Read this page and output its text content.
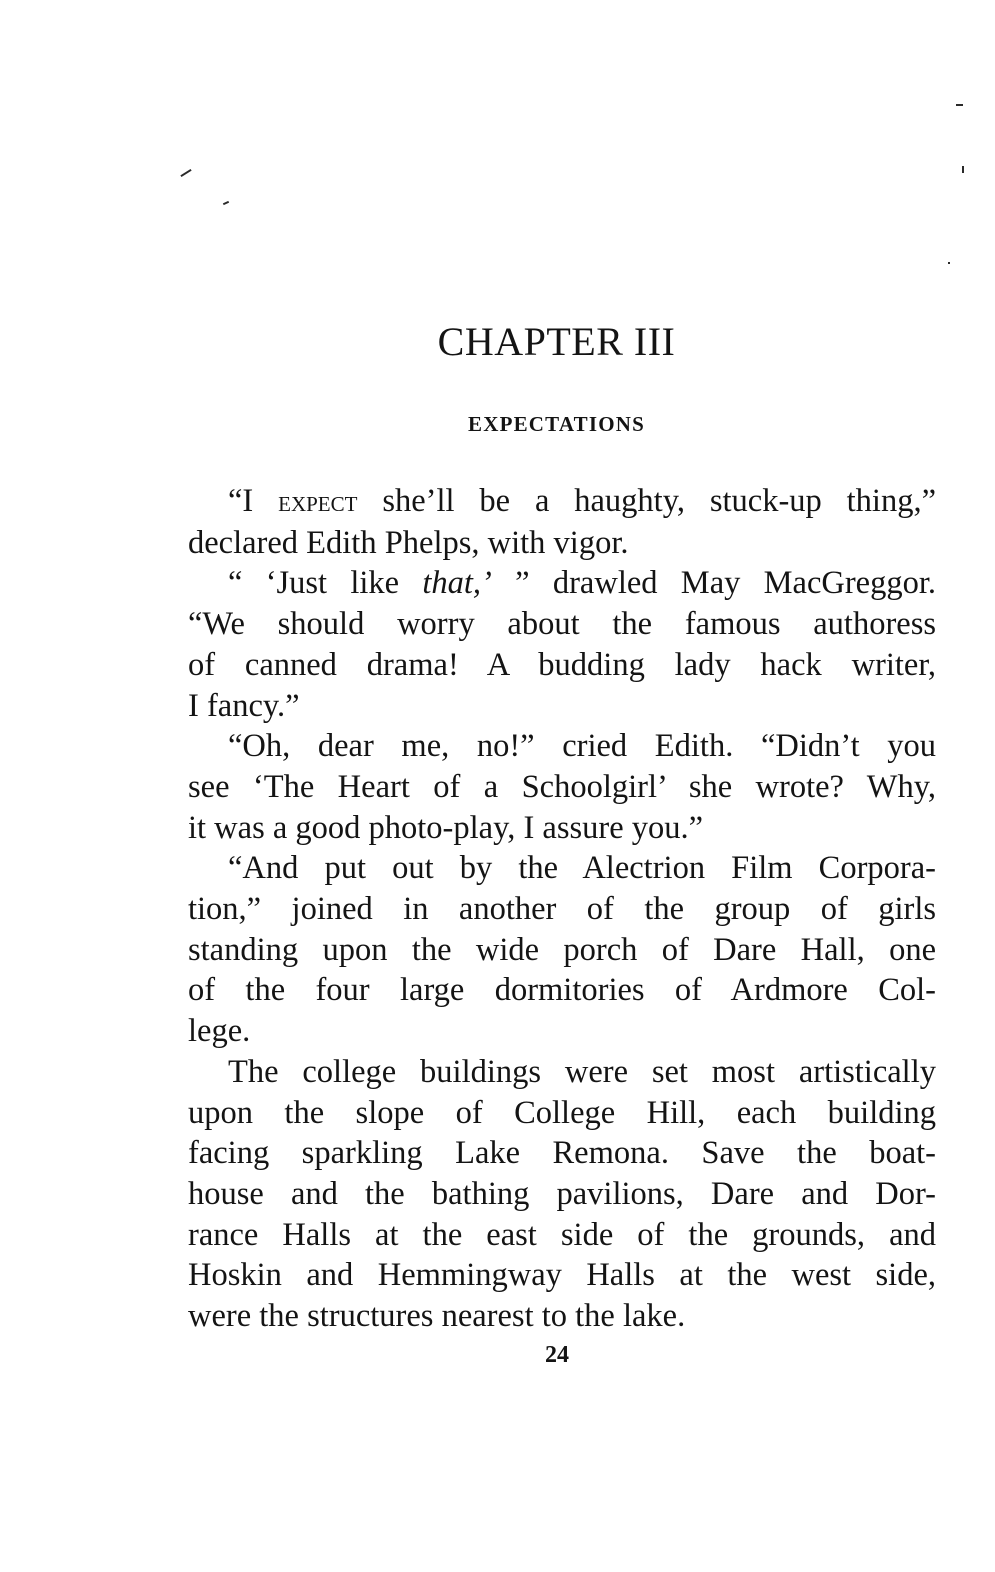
CHAPTER III
EXPECTATIONS

“I expect she’ll be a haughty, stuck-up thing,”
declared Edith Phelps, with vigor.

“ ‘Just like that,’ ” drawled May MacGreggor.
“We should worry about the famous authoress
of canned drama! A budding lady hack writer,
I fancy.”

“Oh, dear me, no!” cried Edith. “Didn’t you
see ‘The Heart of a Schoolgirl’ she wrote? Why,
it was a good photo-play, I assure you.”

“And put out by the Alectrion Film Corpora-
tion,” joined in another of the group of girls
standing upon the wide porch of Dare Hall, one
of the four large dormitories of Ardmore Col-
lege.

The college buildings were set most artistically
upon the slope of College Hill, each building
facing sparkling Lake Remona. Save the boat-
house and the bathing pavilions, Dare and Dor-
rance Halls at the east side of the grounds, and
Hoskin and Hemmingway Halls at the west side,
were the structures nearest to the lake.

24
